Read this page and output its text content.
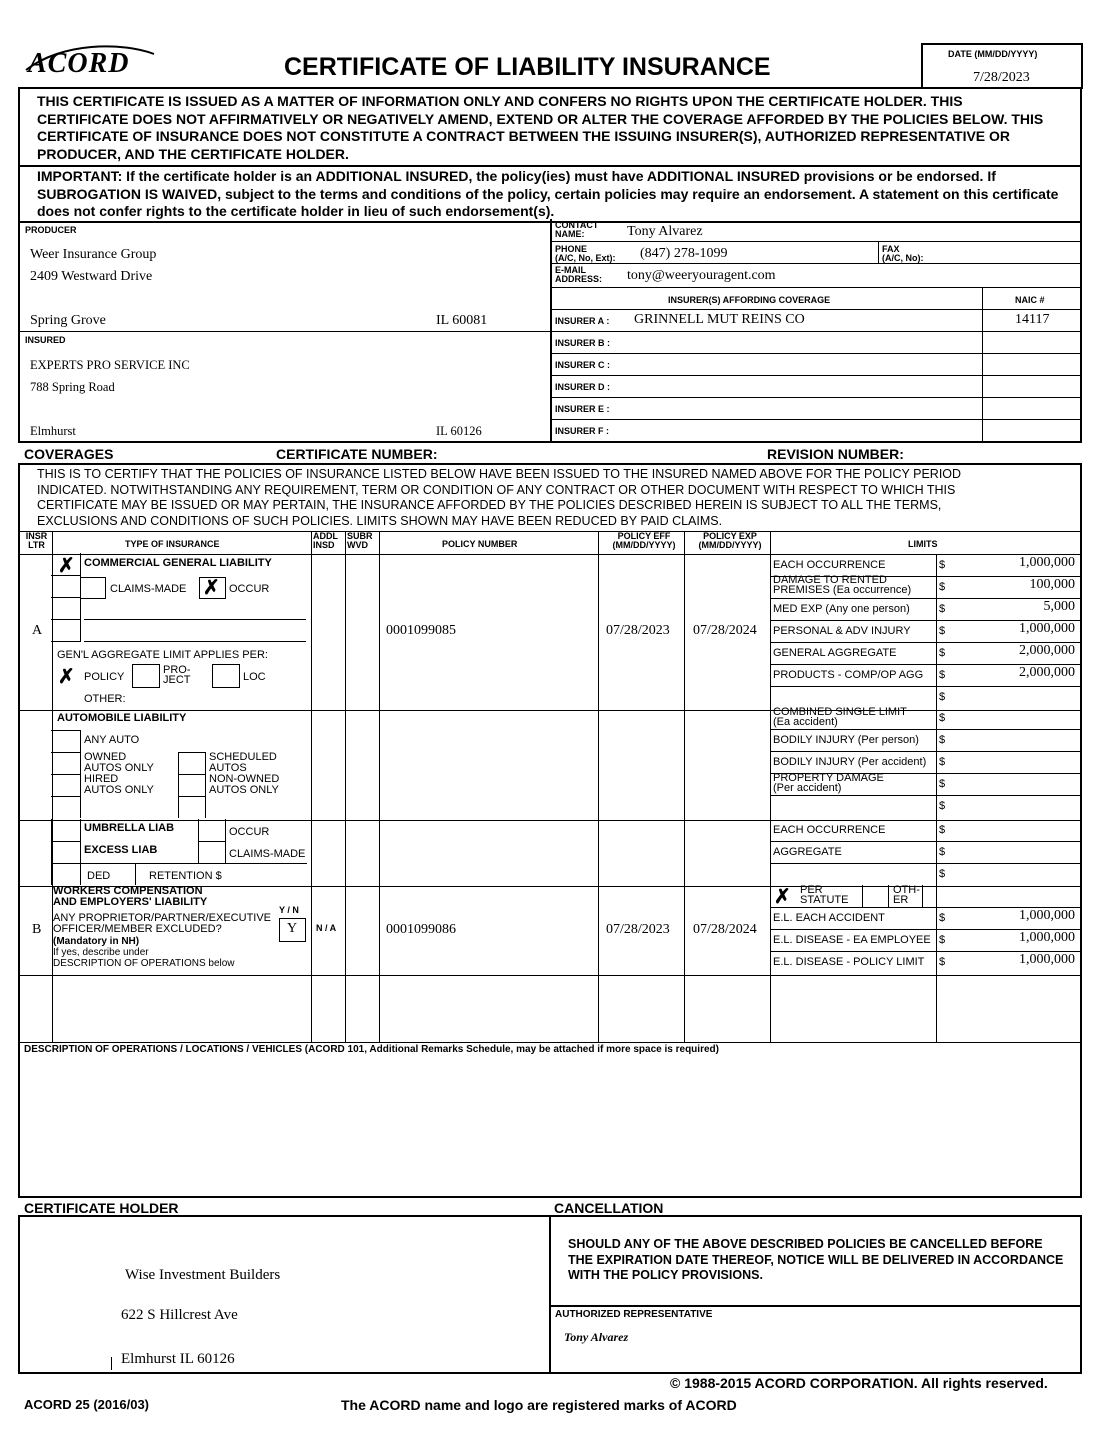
ACORD	CERTIFICATE OF LIABILITY INSURANCE	DATE (MM/DD/YYYY)
7/28/2023
THIS CERTIFICATE IS ISSUED AS A MATTER OF INFORMATION ONLY AND CONFERS NO RIGHTS UPON THE CERTIFICATE HOLDER. THIS CERTIFICATE DOES NOT AFFIRMATIVELY OR NEGATIVELY AMEND, EXTEND OR ALTER THE COVERAGE AFFORDED BY THE POLICIES BELOW. THIS CERTIFICATE OF INSURANCE DOES NOT CONSTITUTE A CONTRACT BETWEEN THE ISSUING INSURER(S), AUTHORIZED REPRESENTATIVE OR PRODUCER, AND THE CERTIFICATE HOLDER.
IMPORTANT: If the certificate holder is an ADDITIONAL INSURED, the policy(ies) must have ADDITIONAL INSURED provisions or be endorsed. If SUBROGATION IS WAIVED, subject to the terms and conditions of the policy, certain policies may require an endorsement. A statement on this certificate does not confer rights to the certificate holder in lieu of such endorsement(s).
PRODUCER
Weer Insurance Group
2409 Westward Drive
Spring Grove	IL 60081
INSURED
EXPERTS PRO SERVICE INC
788 Spring Road
Elmhurst	IL 60126
CONTACT
NAME:	Tony Alvarez
PHONE
(A/C, No, Ext): (847) 278-1099	FAX
(A/C, No):
E-MAIL
ADDRESS: tony@weeryouragent.com
INSURER(S) AFFORDING COVERAGE	NAIC #
INSURER A : GRINNELL MUT REINS CO	14117
INSURER B :
INSURER C :
INSURER D :
INSURER E :
INSURER F :
COVERAGES	CERTIFICATE NUMBER:	REVISION NUMBER:
THIS IS TO CERTIFY THAT THE POLICIES OF INSURANCE LISTED BELOW HAVE BEEN ISSUED TO THE INSURED NAMED ABOVE FOR THE POLICY PERIOD INDICATED. NOTWITHSTANDING ANY REQUIREMENT, TERM OR CONDITION OF ANY CONTRACT OR OTHER DOCUMENT WITH RESPECT TO WHICH THIS CERTIFICATE MAY BE ISSUED OR MAY PERTAIN, THE INSURANCE AFFORDED BY THE POLICIES DESCRIBED HEREIN IS SUBJECT TO ALL THE TERMS, EXCLUSIONS AND CONDITIONS OF SUCH POLICIES. LIMITS SHOWN MAY HAVE BEEN REDUCED BY PAID CLAIMS.
INSR
LTR	TYPE OF INSURANCE
ADDL
INSD
SUBR
WVD	POLICY NUMBER
POLICY EFF
(MM/DD/YYYY)
POLICY EXP
(MM/DD/YYYY)	LIMITS
✗ COMMERCIAL GENERAL LIABILITY
CLAIMS-MADE ✗ OCCUR
GEN'L AGGREGATE LIMIT APPLIES PER:
✗ POLICY
PRO-
JECT	LOC
OTHER:
A	0001099085	07/28/2023 07/28/2024
EACH OCCURRENCE	$	1,000,000
DAMAGE TO RENTED
PREMISES (Ea occurrence)	$	100,000
MED EXP (Any one person)	$	5,000
PERSONAL & ADV INJURY	$	1,000,000
GENERAL AGGREGATE	$	2,000,000
PRODUCTS - COMP/OP AGG $	2,000,000
$
AUTOMOBILE LIABILITY
ANY AUTO
OWNED
AUTOS ONLY
HIRED
AUTOS ONLY
SCHEDULED
AUTOS
NON-OWNED
AUTOS ONLY
COMBINED SINGLE LIMIT
(Ea accident)	$
BODILY INJURY (Per person) $
BODILY INJURY (Per accident) $
PROPERTY DAMAGE
(Per accident)	$
$
UMBRELLA LIAB
EXCESS LIAB
OCCUR
CLAIMS-MADE
DED	RETENTION $
EACH OCCURRENCE	$
AGGREGATE	$
$
WORKERS COMPENSATION
AND EMPLOYERS' LIABILITY
Y / N
ANY PROPRIETOR/PARTNER/EXECUTIVE
OFFICER/MEMBER EXCLUDED?	Y
(Mandatory in NH)
If yes, describe under
DESCRIPTION OF OPERATIONS below
B	N / A	0001099086	07/28/2023 07/28/2024
✗ PER
STATUTE
OTH-
ER
E.L. EACH ACCIDENT	$	1,000,000
E.L. DISEASE - EA EMPLOYEE $	1,000,000
E.L. DISEASE - POLICY LIMIT $	1,000,000
DESCRIPTION OF OPERATIONS / LOCATIONS / VEHICLES (ACORD 101, Additional Remarks Schedule, may be attached if more space is required)
CERTIFICATE HOLDER	CANCELLATION
Wise Investment Builders
622 S Hillcrest Ave
Elmhurst IL 60126
SHOULD ANY OF THE ABOVE DESCRIBED POLICIES BE CANCELLED BEFORE THE EXPIRATION DATE THEREOF, NOTICE WILL BE DELIVERED IN ACCORDANCE WITH THE POLICY PROVISIONS.
AUTHORIZED REPRESENTATIVE
Tony Alvarez
© 1988-2015 ACORD CORPORATION. All rights reserved.
ACORD 25 (2016/03)	The ACORD name and logo are registered marks of ACORD
